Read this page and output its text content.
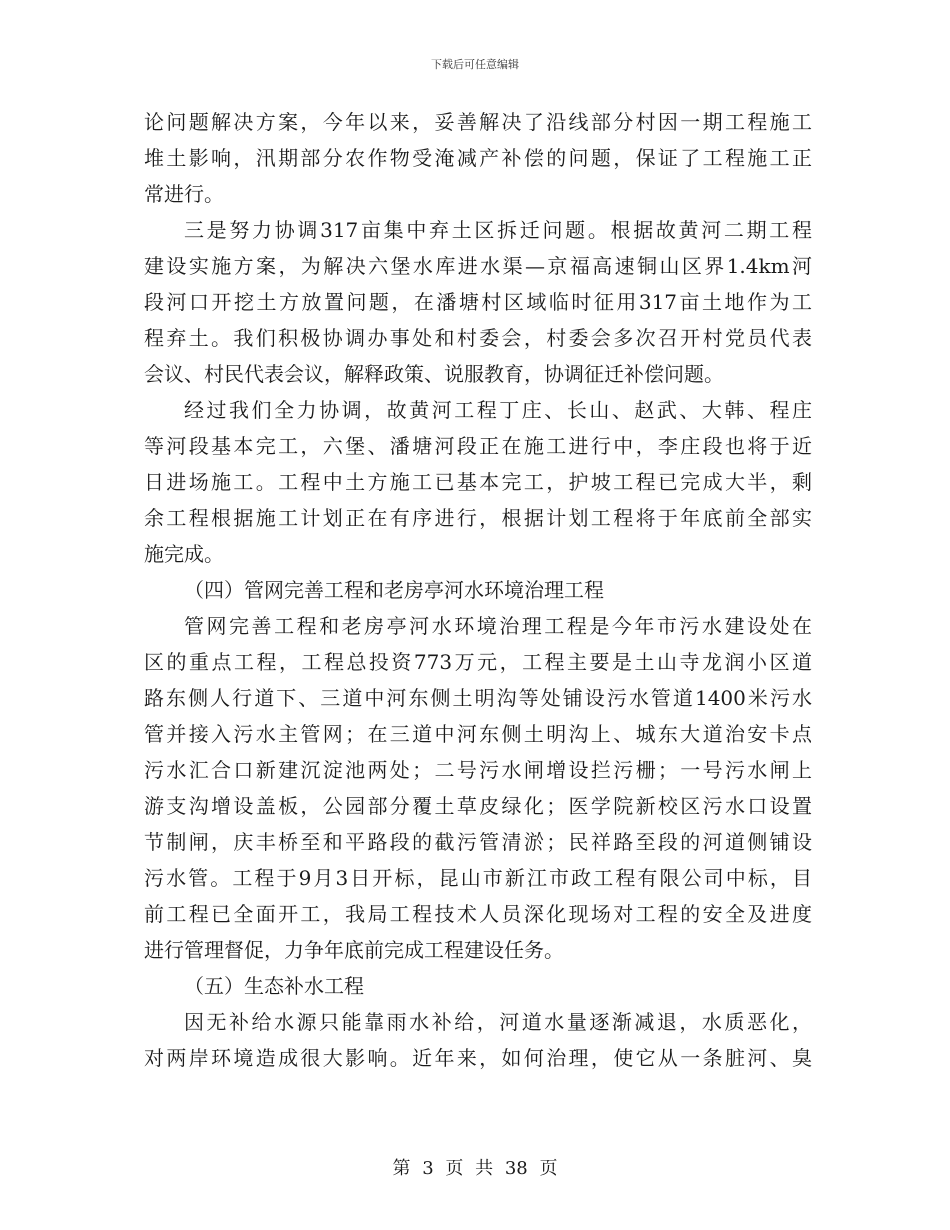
下载后可任意编辑
论问题解决方案，今年以来，妥善解决了沿线部分村因一期工程施工
堆土影响，汛期部分农作物受淹减产补偿的问题，保证了工程施工正
常进行。
三是努力协调317亩集中弃土区拆迁问题。根据故黄河二期工程
建设实施方案，为解决六堡水库进水渠—京福高速铜山区界1.4km河
段河口开挖土方放置问题，在潘塘村区域临时征用317亩土地作为工
程弃土。我们积极协调办事处和村委会，村委会多次召开村党员代表
会议、村民代表会议，解释政策、说服教育，协调征迁补偿问题。
经过我们全力协调，故黄河工程丁庄、长山、赵武、大韩、程庄
等河段基本完工，六堡、潘塘河段正在施工进行中，李庄段也将于近
日进场施工。工程中土方施工已基本完工，护坡工程已完成大半，剩
余工程根据施工计划正在有序进行，根据计划工程将于年底前全部实
施完成。
（四）管网完善工程和老房亭河水环境治理工程
管网完善工程和老房亭河水环境治理工程是今年市污水建设处在
区的重点工程，工程总投资773万元，工程主要是土山寺龙润小区道
路东侧人行道下、三道中河东侧土明沟等处铺设污水管道1400米污水
管并接入污水主管网；在三道中河东侧土明沟上、城东大道治安卡点
污水汇合口新建沉淀池两处；二号污水闸增设拦污栅；一号污水闸上
游支沟增设盖板，公园部分覆土草皮绿化；医学院新校区污水口设置
节制闸，庆丰桥至和平路段的截污管清淤；民祥路至段的河道侧铺设
污水管。工程于9月3日开标，昆山市新江市政工程有限公司中标，目
前工程已全面开工，我局工程技术人员深化现场对工程的安全及进度
进行管理督促，力争年底前完成工程建设任务。
（五）生态补水工程
因无补给水源只能靠雨水补给，河道水量逐渐减退，水质恶化，
对两岸环境造成很大影响。近年来，如何治理，使它从一条脏河、臭
第 3 页 共 38 页
